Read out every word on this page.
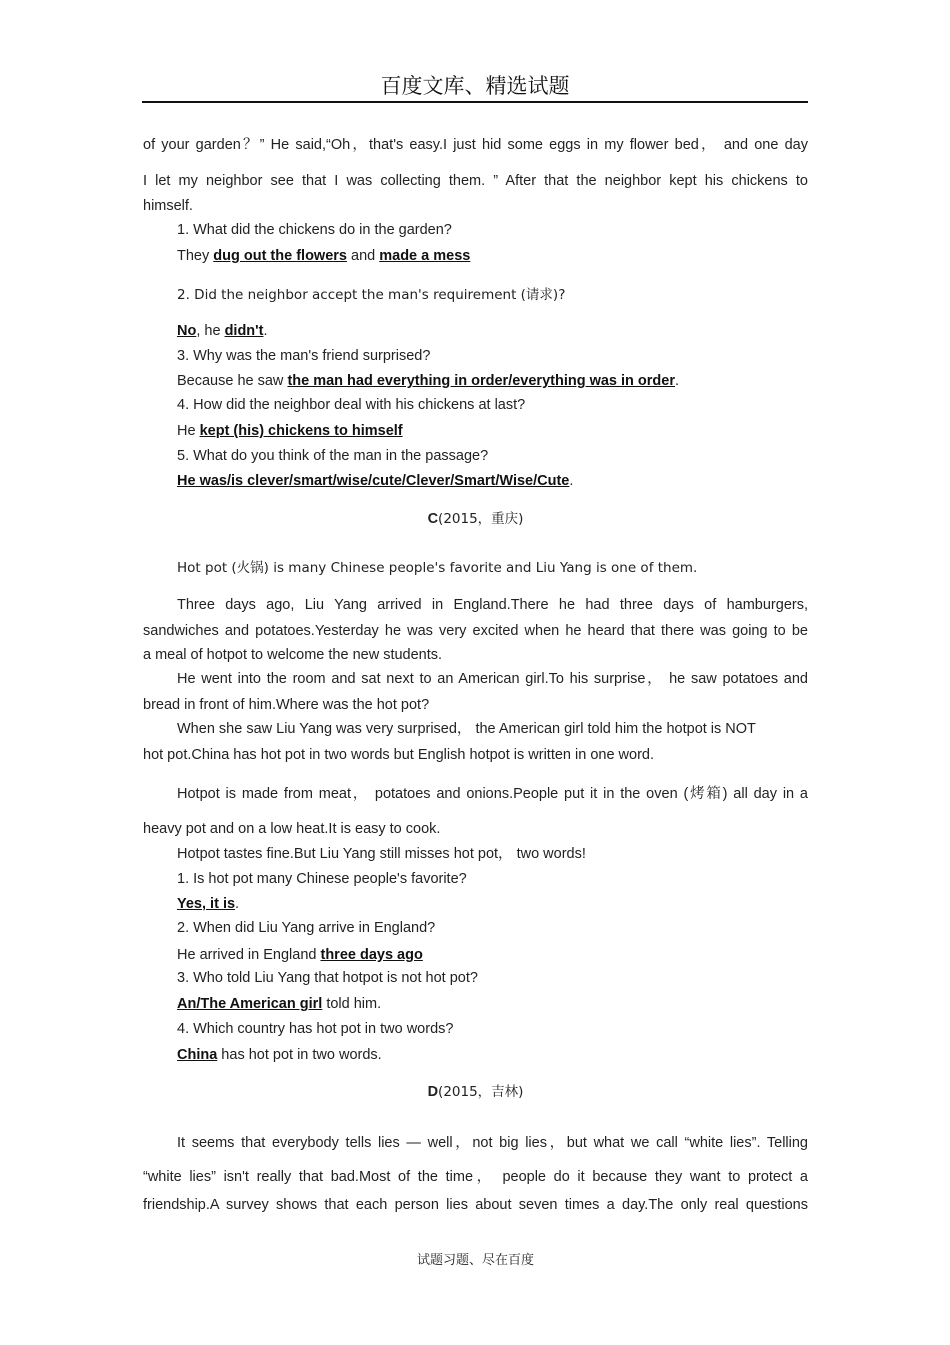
百度文库、精选试题
of your garden？” He said,“Oh，that's easy.I just hid some eggs in my flower bed， and one day
I let my neighbor see that I was collecting them. ” After that the neighbor kept his chickens to
himself.
1. What did the chickens do in the garden?
They dug out the flowers and made a mess
2. Did the neighbor accept the man's requirement (请求)?
No, he didn't.
3. Why was the man's friend surprised?
Because he saw the man had everything in order/everything was in order.
4. How did the neighbor deal with his chickens at last?
He kept (his) chickens to himself
5. What do you think of the man in the passage?
He was/is clever/smart/wise/cute/Clever/Smart/Wise/Cute.
C(2015，重庆)
Hot pot (火锅) is many Chinese people's favorite and Liu Yang is one of them.
Three days ago, Liu Yang arrived in England.There he had three days of hamburgers,
sandwiches and potatoes.Yesterday he was very excited when he heard that there was going to be
a meal of hotpot to welcome the new students.
He went into the room and sat next to an American girl.To his surprise， he saw potatoes and
bread in front of him.Where was the hot pot?
When she saw Liu Yang was very surprised， the American girl told him the hotpot is NOT
hot pot.China has hot pot in two words but English hotpot is written in one word.
Hotpot is made from meat， potatoes and onions.People put it in the oven (烤箱) all day in a
heavy pot and on a low heat.It is easy to cook.
Hotpot tastes fine.But Liu Yang still misses hot pot， two words!
1. Is hot pot many Chinese people's favorite?
Yes, it is.
2. When did Liu Yang arrive in England?
He arrived in England three days ago
3. Who told Liu Yang that hotpot is not hot pot?
An/The American girl told him.
4. Which country has hot pot in two words?
China has hot pot in two words.
D(2015，吉林)
It seems that everybody tells lies — well，not big lies，but what we call “white lies”. Telling
“white lies” isn't really that bad.Most of the time， people do it because they want to protect a
friendship.A survey shows that each person lies about seven times a day.The only real questions
试题习题、尽在百度
